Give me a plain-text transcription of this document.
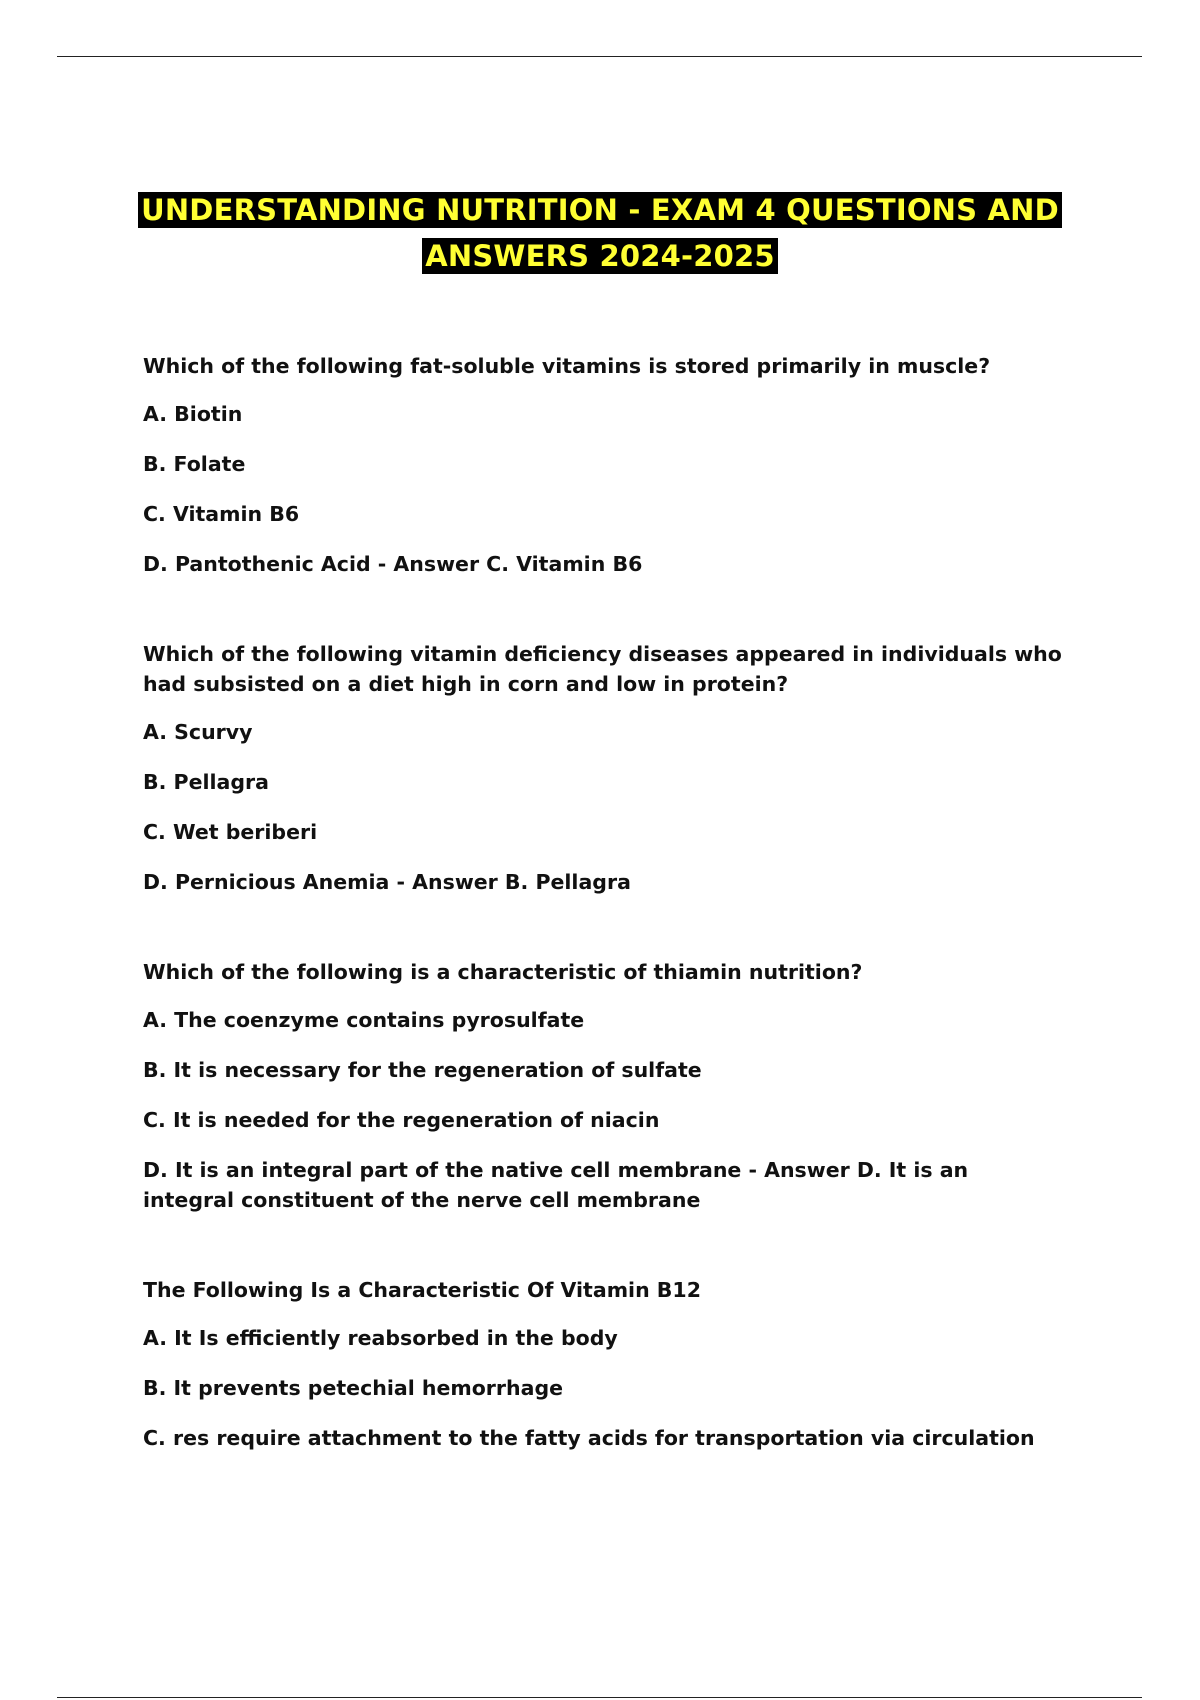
UNDERSTANDING NUTRITION - EXAM 4 QUESTIONS AND
ANSWERS 2024-2025

Which of the following fat-soluble vitamins is stored primarily in muscle?

A. Biotin

B. Folate

C. Vitamin B6

D. Pantothenic Acid - Answer C. Vitamin B6

Which of the following vitamin deficiency diseases appeared in individuals who had subsisted on a diet high in corn and low in protein?

A. Scurvy

B. Pellagra

C. Wet beriberi

D. Pernicious Anemia - Answer B. Pellagra

Which of the following is a characteristic of thiamin nutrition?

A. The coenzyme contains pyrosulfate

B. It is necessary for the regeneration of sulfate

C. It is needed for the regeneration of niacin

D. It is an integral part of the native cell membrane - Answer D. It is an integral constituent of the nerve cell membrane

The Following Is a Characteristic Of Vitamin B12

A. It Is efficiently reabsorbed in the body

B. It prevents petechial hemorrhage

C. res require attachment to the fatty acids for transportation via circulation
